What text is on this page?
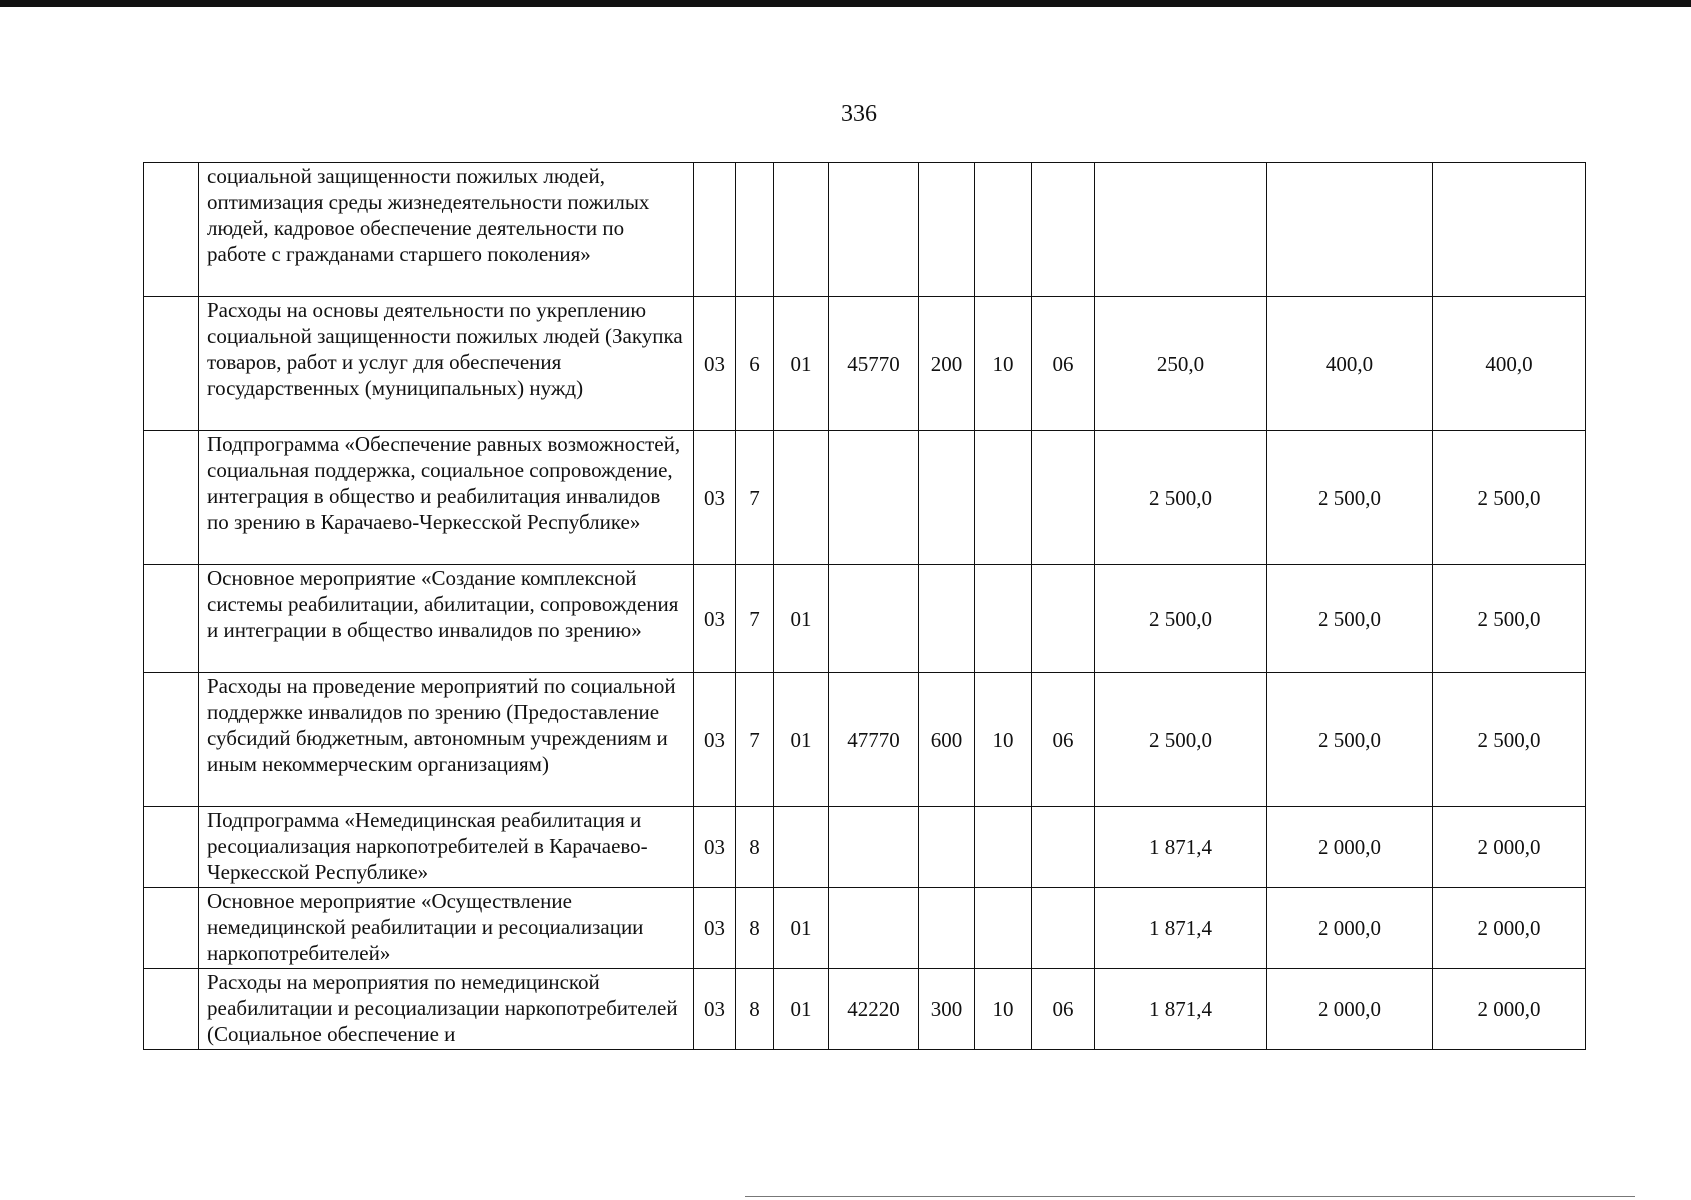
336
	социальной защищенности пожилых людей, оптимизация среды жизнедеятельности пожилых людей, кадровое обеспечение деятельности по работе с гражданами старшего поколения»										
	Расходы на основы деятельности по укреплению социальной защищенности пожилых людей (Закупка товаров, работ и услуг для обеспечения государственных (муниципальных) нужд)	03	6	01	45770	200	10	06	250,0	400,0	400,0
	Подпрограмма «Обеспечение равных возможностей, социальная поддержка, социальное сопровождение, интеграция в общество и реабилитация инвалидов по зрению в Карачаево-Черкесской Республике»	03	7						2 500,0	2 500,0	2 500,0
	Основное мероприятие «Создание комплексной системы реабилитации, абилитации, сопровождения и интеграции в общество инвалидов по зрению»	03	7	01					2 500,0	2 500,0	2 500,0
	Расходы на проведение мероприятий по социальной поддержке инвалидов по зрению (Предоставление субсидий бюджетным, автономным учреждениям и иным некоммерческим организациям)	03	7	01	47770	600	10	06	2 500,0	2 500,0	2 500,0
	Подпрограмма «Немедицинская реабилитация и ресоциализация наркопотребителей в Карачаево-Черкесской Республике»	03	8						1 871,4	2 000,0	2 000,0
	Основное мероприятие «Осуществление немедицинской реабилитации и ресоциализации наркопотребителей»	03	8	01					1 871,4	2 000,0	2 000,0
	Расходы на мероприятия по немедицинской реабилитации и ресоциализации наркопотребителей (Социальное обеспечение и	03	8	01	42220	300	10	06	1 871,4	2 000,0	2 000,0
